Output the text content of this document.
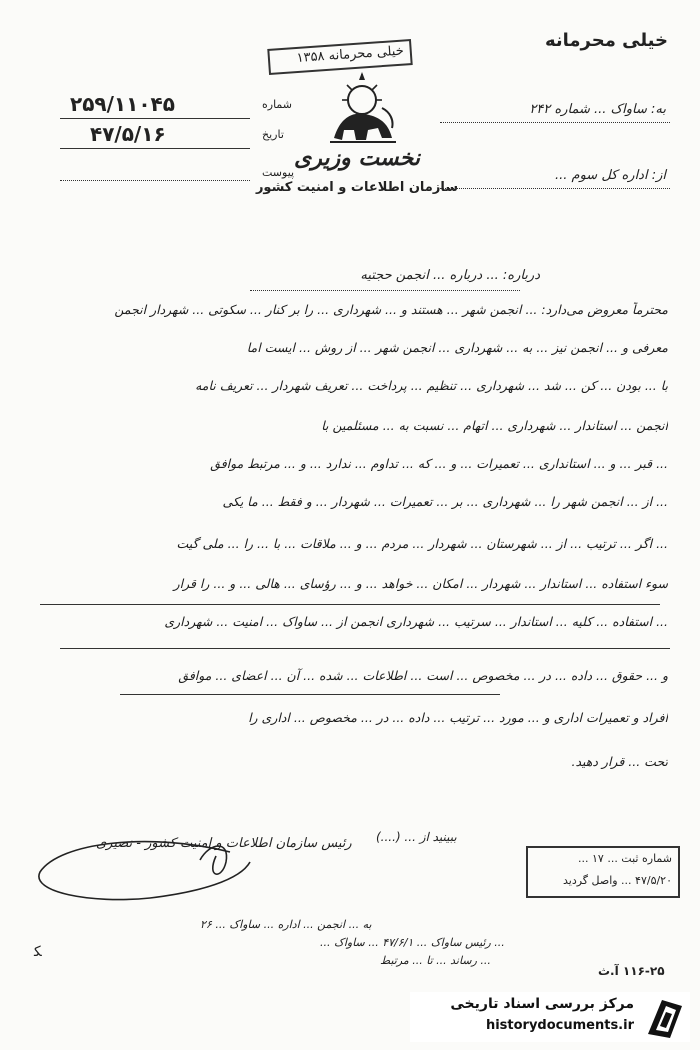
خیلی محرمانه
خیلی محرمانه ۱۳۵۸
نخست وزیری
سازمان اطلاعات و امنیت کشور
شماره
۲۵۹/۱۱۰۴۵
تاریخ
۴۷/۵/۱۶
پیوست
به: ساواک ... شماره ۲۴۲
از: اداره کل سوم ...
درباره: ... درباره ... انجمن حجتیه
محترماً معروض می‌دارد: ... انجمن شهر ... هستند و ... شهرداری ... را بر کنار ... سکوتی ... شهردار انجمن
معرفی و ... انجمن نیز ... به ... شهرداری ... انجمن شهر ... از روش ... ایست اما
با ... بودن ... کن ... شد ... شهرداری ... تنظیم ... پرداخت ... تعریف شهردار ... تعریف نامه
انجمن ... استاندار ... شهرداری ... اتهام ... نسبت به ... مسئلمین با
... قبر ... و ... استانداری ... تعمیرات ... و ... که ... تداوم ... ندارد ... و ... مرتبط موافق
... از ... انجمن شهر را ... شهرداری ... بر ... تعمیرات ... شهردار ... و فقط ... ما یکی
... اگر ... ترتیب ... از ... شهرستان ... شهردار ... مردم ... و ... ملاقات ... با ... را ... ملی گیت
سوء استفاده ... استاندار ... شهردار ... امکان ... خواهد ... و ... رؤسای ... هالی ... و ... را قرار
... استفاده ... کلیه ... استاندار ... سرتیب ... شهرداری انجمن از ... ساواک ... امنیت ... شهرداری
و ... حقوق ... داده ... در ... مخصوص ... است ... اطلاعات ... شده ... آن ... اعضای ... موافق
افراد و تعمیرات اداری و ... مورد ... ترتیب ... داده ... در ... مخصوص ... اداری را
تحت ... قرار دهید.
رئیس سازمان اطلاعات و امنیت کشور - نصیری ببینید از ... (....)
شماره ثبت ... ۱۷ ...
۴۷/۵/۲۰ ... واصل گردید
به ... انجمن ... اداره ... ساواک ... ۲۶
... رئیس ساواک ... ۴۷/۶/۱ ... ساواک ...
... رساند ... تا ... مرتبط
ﮑ
۱۱۶-۲۵ آ.ث
مرکز بررسی اسناد تاریخی
historydocuments.ir
